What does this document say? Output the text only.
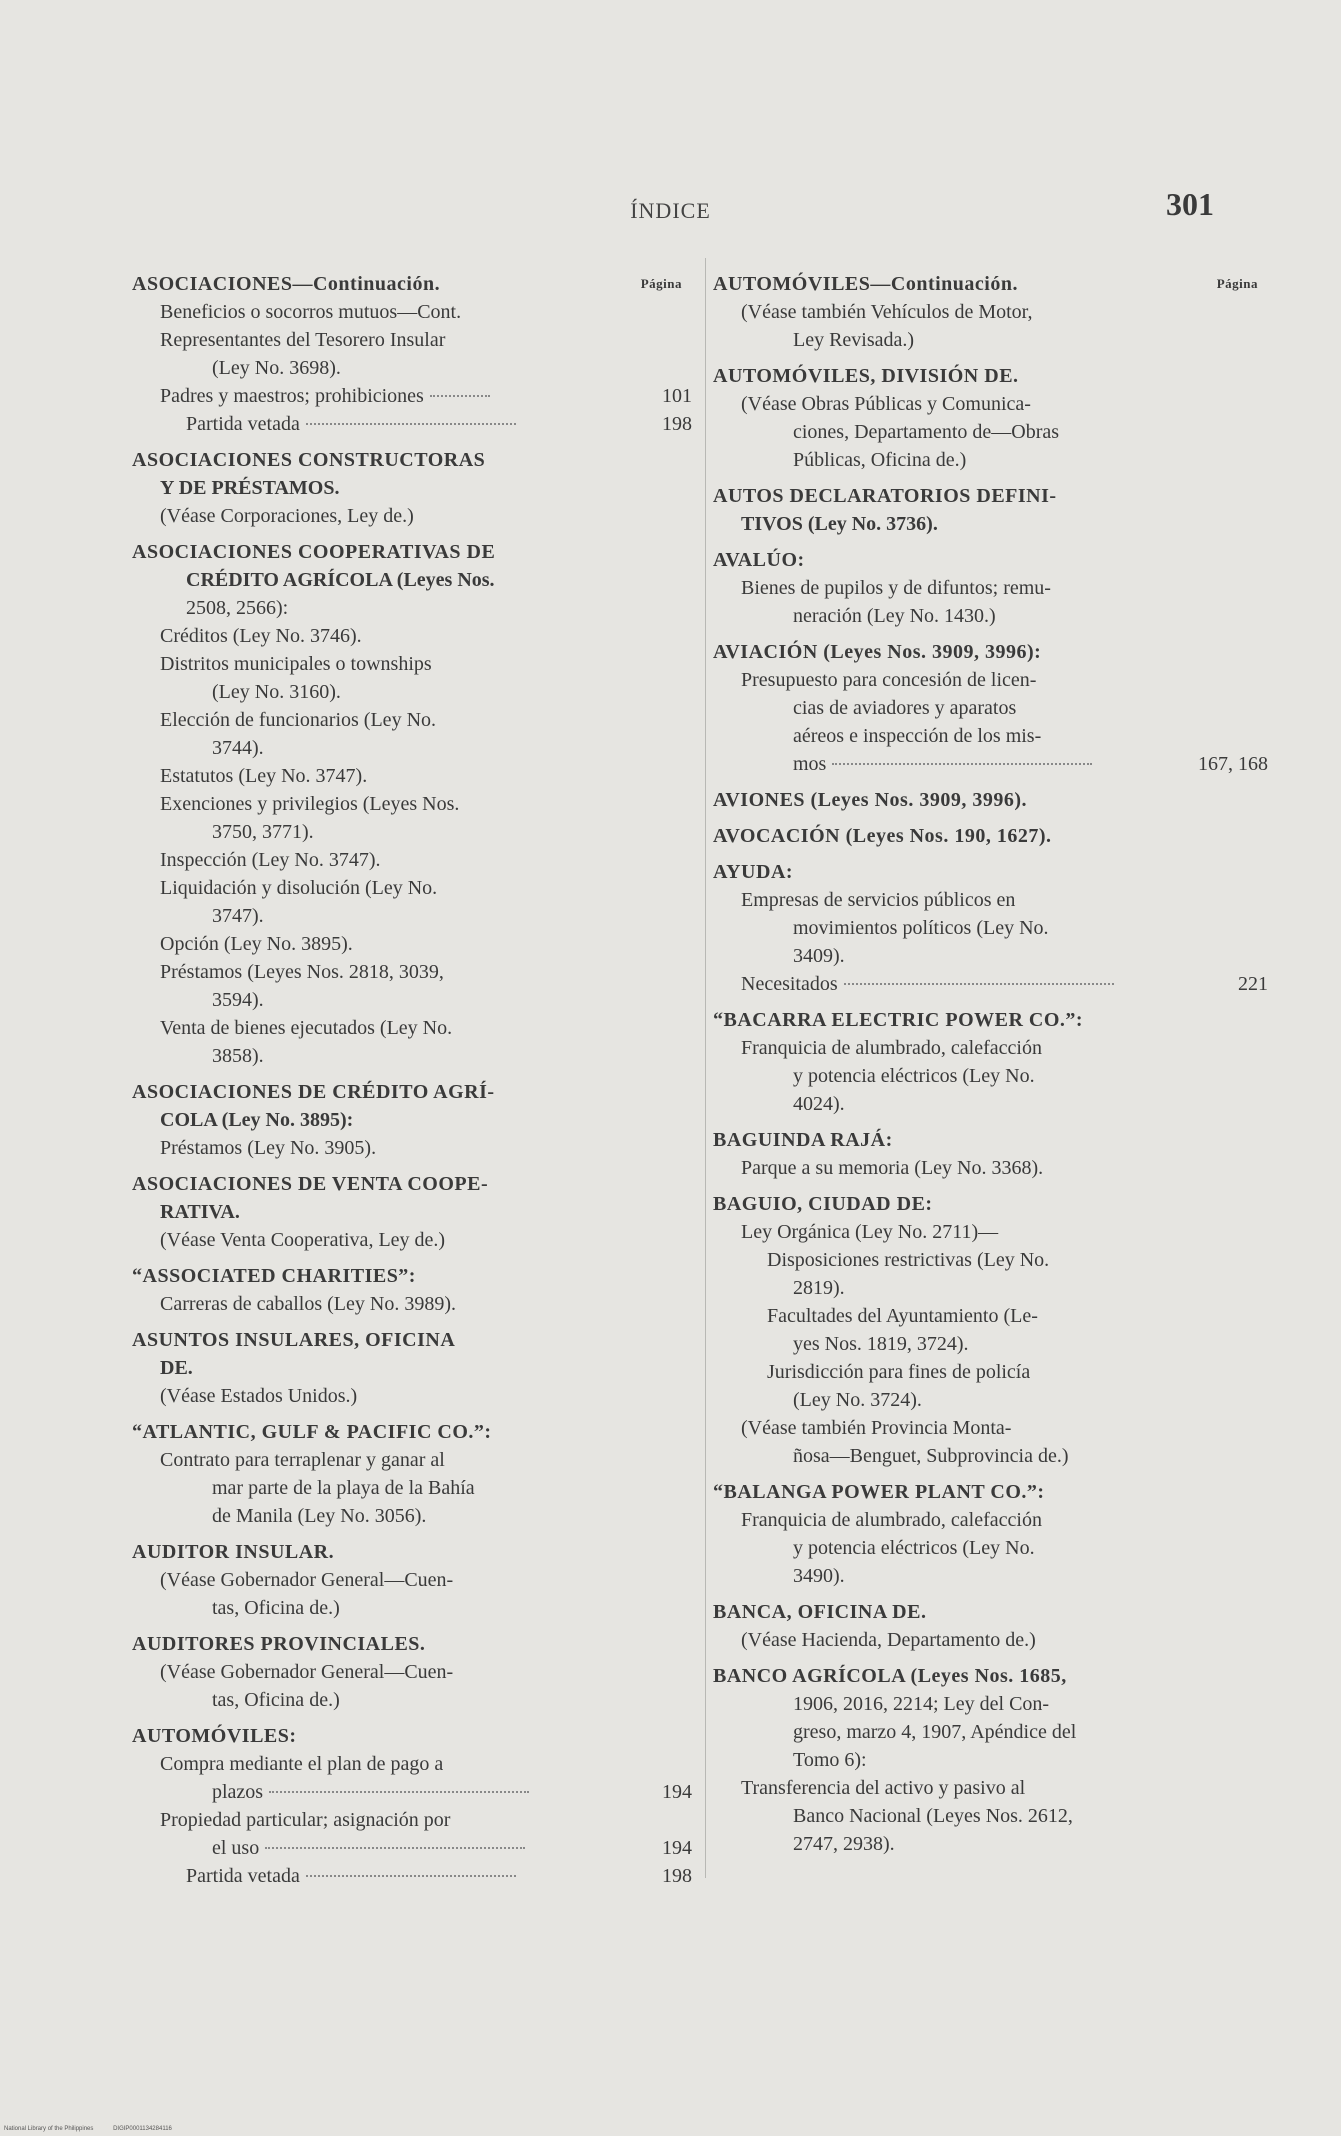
ÍNDICE	301
ASOCIACIONES—Continuación.	Página
Beneficios o socorros mutuos—Cont.
Representantes del Tesorero Insular
(Ley No. 3698).
Padres y maestros; prohibiciones	101
Partida vetada	198
ASOCIACIONES CONSTRUCTORAS
Y DE PRÉSTAMOS.
(Véase Corporaciones, Ley de.)
ASOCIACIONES COOPERATIVAS DE
CRÉDITO AGRÍCOLA (Leyes Nos.
2508, 2566):
Créditos (Ley No. 3746).
Distritos municipales o townships
(Ley No. 3160).
Elección de funcionarios (Ley No.
3744).
Estatutos (Ley No. 3747).
Exenciones y privilegios (Leyes Nos.
3750, 3771).
Inspección (Ley No. 3747).
Liquidación y disolución (Ley No.
3747).
Opción (Ley No. 3895).
Préstamos (Leyes Nos. 2818, 3039,
3594).
Venta de bienes ejecutados (Ley No.
3858).
ASOCIACIONES DE CRÉDITO AGRÍ-
COLA (Ley No. 3895):
Préstamos (Ley No. 3905).
ASOCIACIONES DE VENTA COOPE-
RATIVA.
(Véase Venta Cooperativa, Ley de.)
“ASSOCIATED CHARITIES”:
Carreras de caballos (Ley No. 3989).
ASUNTOS INSULARES, OFICINA
DE.
(Véase Estados Unidos.)
“ATLANTIC, GULF & PACIFIC CO.”:
Contrato para terraplenar y ganar al
mar parte de la playa de la Bahía
de Manila (Ley No. 3056).
AUDITOR INSULAR.
(Véase Gobernador General—Cuen-
tas, Oficina de.)
AUDITORES PROVINCIALES.
(Véase Gobernador General—Cuen-
tas, Oficina de.)
AUTOMÓVILES:
Compra mediante el plan de pago a
plazos	194
Propiedad particular; asignación por
el uso	194
Partida vetada	198
AUTOMÓVILES—Continuación.	Página
(Véase también Vehículos de Motor,
Ley Revisada.)
AUTOMÓVILES, DIVISIÓN DE.
(Véase Obras Públicas y Comunica-
ciones, Departamento de—Obras
Públicas, Oficina de.)
AUTOS DECLARATORIOS DEFINI-
TIVOS (Ley No. 3736).
AVALÚO:
Bienes de pupilos y de difuntos; remu-
neración (Ley No. 1430.)
AVIACIÓN (Leyes Nos. 3909, 3996):
Presupuesto para concesión de licen-
cias de aviadores y aparatos
aéreos e inspección de los mis-
mos	167, 168
AVIONES (Leyes Nos. 3909, 3996).
AVOCACIÓN (Leyes Nos. 190, 1627).
AYUDA:
Empresas de servicios públicos en
movimientos políticos (Ley No.
3409).
Necesitados	221
“BACARRA ELECTRIC POWER CO.”:
Franquicia de alumbrado, calefacción
y potencia eléctricos (Ley No.
4024).
BAGUINDA RAJÁ:
Parque a su memoria (Ley No. 3368).
BAGUIO, CIUDAD DE:
Ley Orgánica (Ley No. 2711)—
Disposiciones restrictivas (Ley No.
2819).
Facultades del Ayuntamiento (Le-
yes Nos. 1819, 3724).
Jurisdicción para fines de policía
(Ley No. 3724).
(Véase también Provincia Monta-
ñosa—Benguet, Subprovincia de.)
“BALANGA POWER PLANT CO.”:
Franquicia de alumbrado, calefacción
y potencia eléctricos (Ley No.
3490).
BANCA, OFICINA DE.
(Véase Hacienda, Departamento de.)
BANCO AGRÍCOLA (Leyes Nos. 1685,
1906, 2016, 2214; Ley del Con-
greso, marzo 4, 1907, Apéndice del
Tomo 6):
Transferencia del activo y pasivo al
Banco Nacional (Leyes Nos. 2612,
2747, 2938).
National Library of the Philippines	DIGIP0001134284116
